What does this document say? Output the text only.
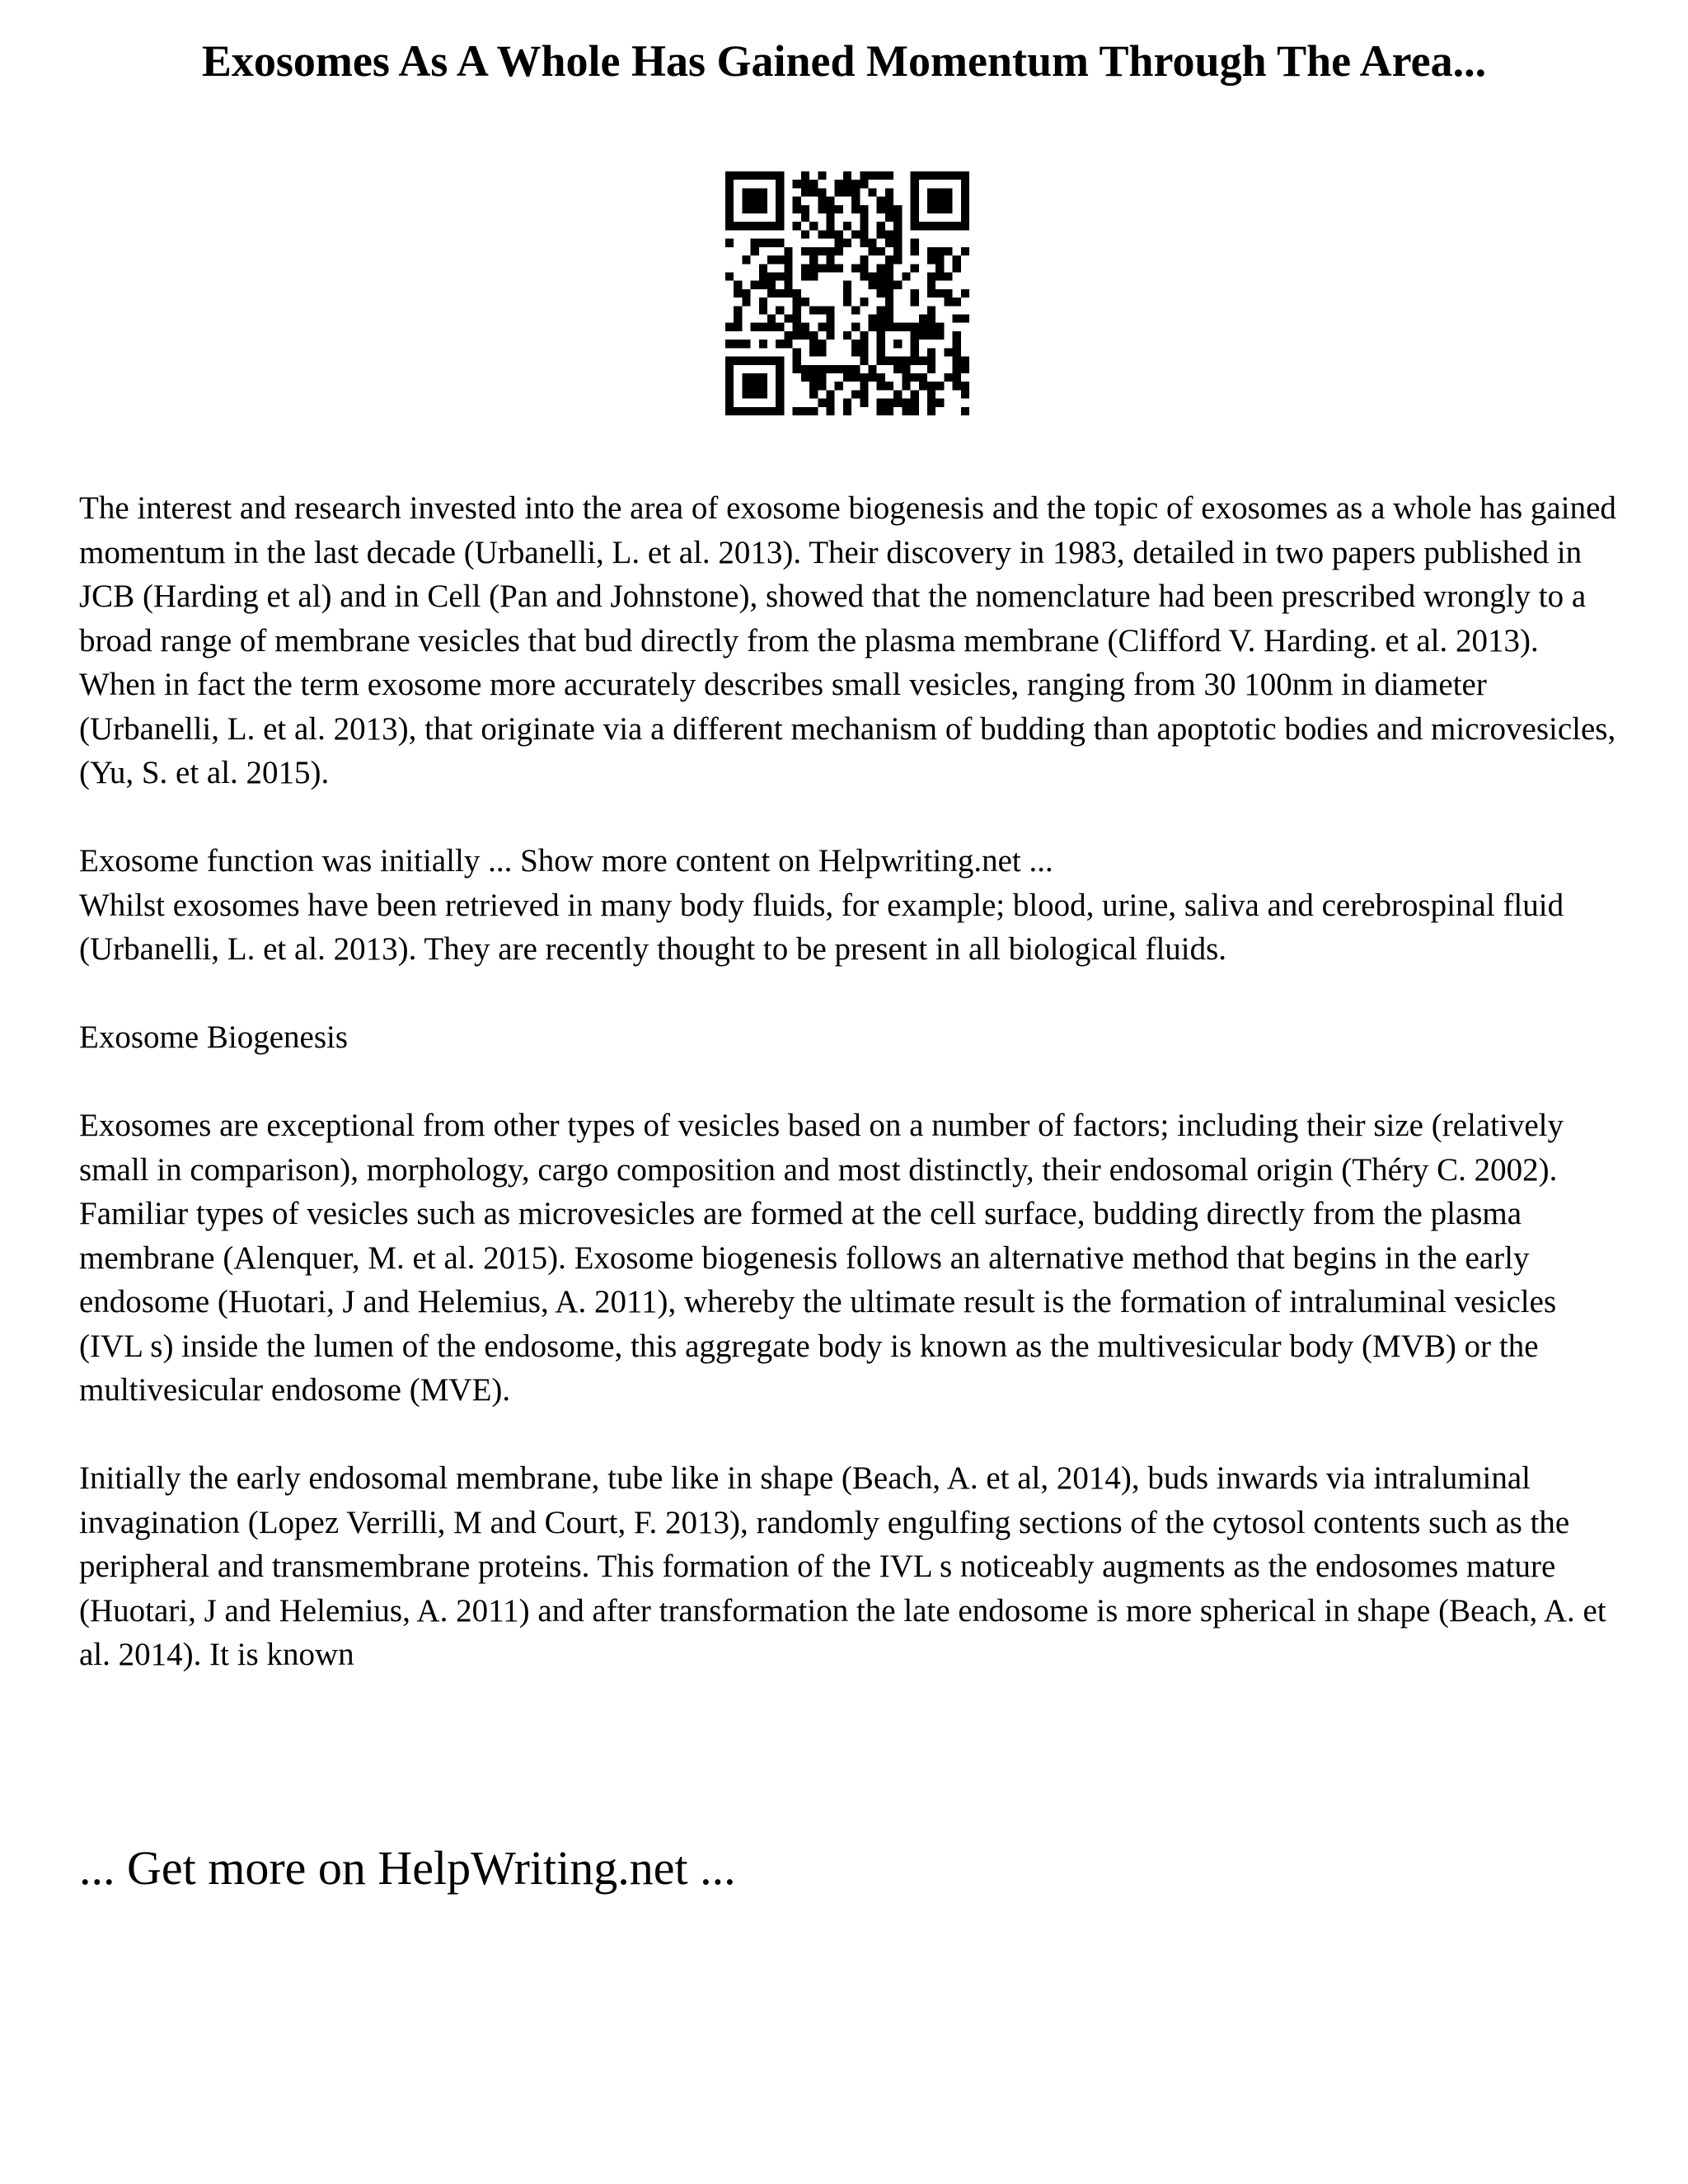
Exosomes As A Whole Has Gained Momentum Through The Area...

The interest and research invested into the area of exosome biogenesis and the topic of exosomes as a whole has gained momentum in the last decade (Urbanelli, L. et al. 2013). Their discovery in 1983, detailed in two papers published in JCB (Harding et al) and in Cell (Pan and Johnstone), showed that the nomenclature had been prescribed wrongly to a broad range of membrane vesicles that bud directly from the plasma membrane (Clifford V. Harding. et al. 2013). When in fact the term exosome more accurately describes small vesicles, ranging from 30 100nm in diameter (Urbanelli, L. et al. 2013), that originate via a different mechanism of budding than apoptotic bodies and microvesicles, (Yu, S. et al. 2015).

Exosome function was initially ... Show more content on Helpwriting.net ...

Whilst exosomes have been retrieved in many body fluids, for example; blood, urine, saliva and cerebrospinal fluid (Urbanelli, L. et al. 2013). They are recently thought to be present in all biological fluids.

Exosome Biogenesis

Exosomes are exceptional from other types of vesicles based on a number of factors; including their size (relatively small in comparison), morphology, cargo composition and most distinctly, their endosomal origin (Théry C. 2002). Familiar types of vesicles such as microvesicles are formed at the cell surface, budding directly from the plasma membrane (Alenquer, M. et al. 2015). Exosome biogenesis follows an alternative method that begins in the early endosome (Huotari, J and Helemius, A. 2011), whereby the ultimate result is the formation of intraluminal vesicles (IVL s) inside the lumen of the endosome, this aggregate body is known as the multivesicular body (MVB) or the multivesicular endosome (MVE).

Initially the early endosomal membrane, tube like in shape (Beach, A. et al, 2014), buds inwards via intraluminal invagination (Lopez Verrilli, M and Court, F. 2013), randomly engulfing sections of the cytosol contents such as the peripheral and transmembrane proteins. This formation of the IVL s noticeably augments as the endosomes mature (Huotari, J and Helemius, A. 2011) and after transformation the late endosome is more spherical in shape (Beach, A. et al. 2014). It is known

... Get more on HelpWriting.net ...
